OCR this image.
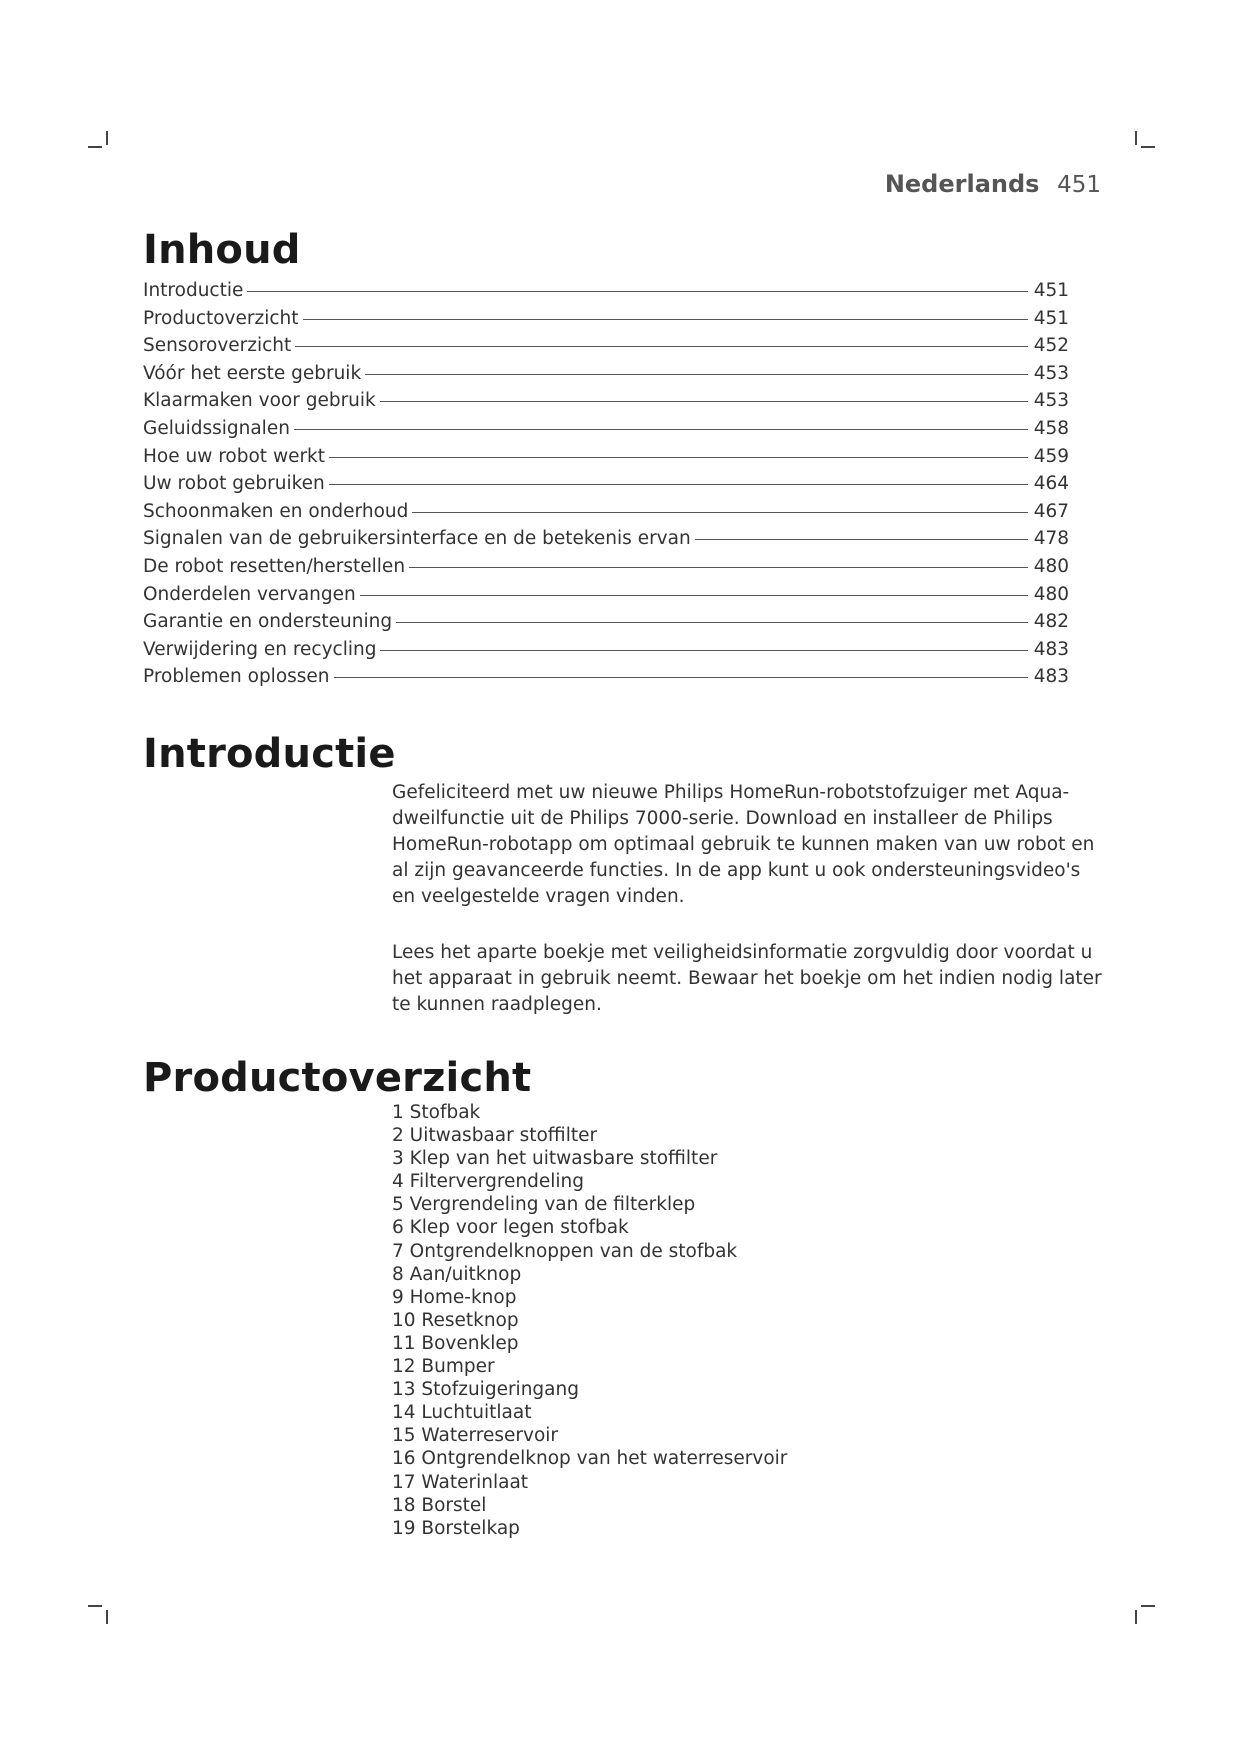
Nederlands 451
Inhoud
Introductie	451
Productoverzicht	451
Sensoroverzicht	452
Vóór het eerste gebruik	453
Klaarmaken voor gebruik	453
Geluidssignalen	458
Hoe uw robot werkt	459
Uw robot gebruiken	464
Schoonmaken en onderhoud	467
Signalen van de gebruikersinterface en de betekenis ervan	478
De robot resetten/herstellen	480
Onderdelen vervangen	480
Garantie en ondersteuning	482
Verwijdering en recycling	483
Problemen oplossen	483
Introductie

Gefeliciteerd met uw nieuwe Philips HomeRun-robotstofzuiger met Aqua-dweilfunctie uit de Philips 7000-serie. Download en installeer de Philips HomeRun-robotapp om optimaal gebruik te kunnen maken van uw robot en al zijn geavanceerde functies. In de app kunt u ook ondersteuningsvideo's en veelgestelde vragen vinden.

Lees het aparte boekje met veiligheidsinformatie zorgvuldig door voordat u het apparaat in gebruik neemt. Bewaar het boekje om het indien nodig later te kunnen raadplegen.

Productoverzicht
1 Stofbak
2 Uitwasbaar stoffilter
3 Klep van het uitwasbare stoffilter
4 Filtervergrendeling
5 Vergrendeling van de filterklep
6 Klep voor legen stofbak
7 Ontgrendelknoppen van de stofbak
8 Aan/uitknop
9 Home-knop
10 Resetknop
11 Bovenklep
12 Bumper
13 Stofzuigeringang
14 Luchtuitlaat
15 Waterreservoir
16 Ontgrendelknop van het waterreservoir
17 Waterinlaat
18 Borstel
19 Borstelkap
